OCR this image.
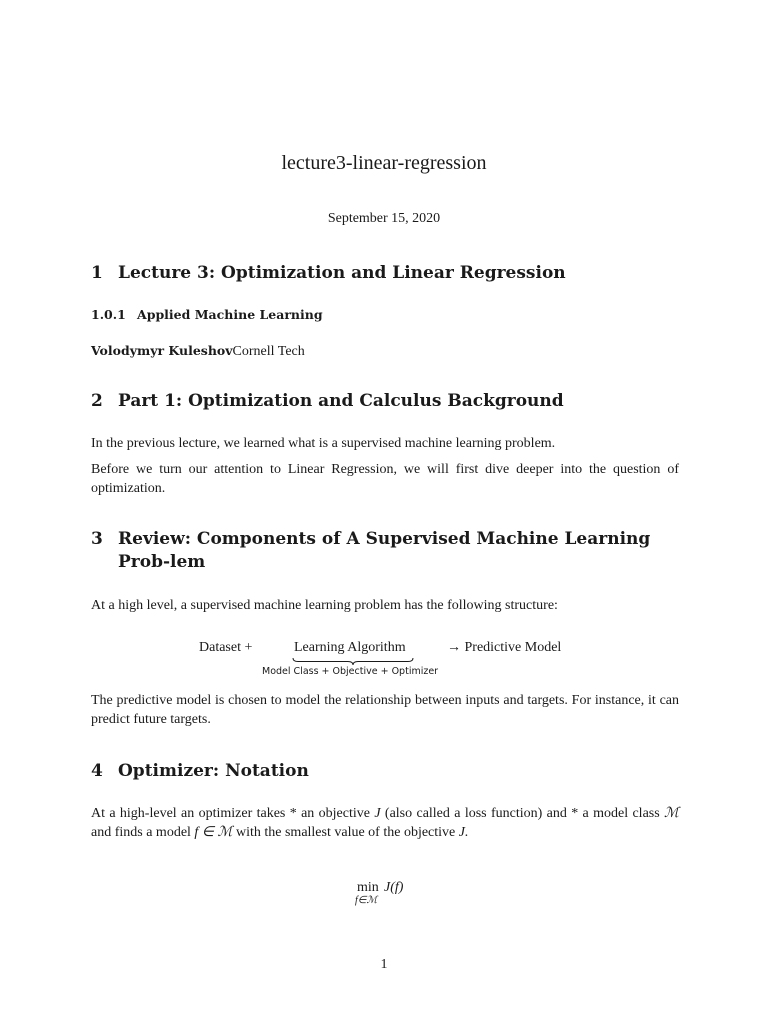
lecture3-linear-regression
September 15, 2020
1 Lecture 3: Optimization and Linear Regression
1.0.1 Applied Machine Learning

Volodymyr KuleshovCornell Tech

2 Part 1: Optimization and Calculus Background

In the previous lecture, we learned what is a supervised machine learning problem.

Before we turn our attention to Linear Regression, we will first dive deeper into the question of optimization.

3 Review: Components of A Supervised Machine Learning Prob-lem

At a high level, a supervised machine learning problem has the following structure:

Dataset +	Learning Algorithm
Model Class + Objective + Optimizer
→ Predictive Model

The predictive model is chosen to model the relationship between inputs and targets. For instance, it can predict future targets.

4 Optimizer: Notation

At a high-level an optimizer takes * an objective J (also called a loss function) and * a model class ℳ and finds a model f ∈ ℳ with the smallest value of the objective J.

min
f∈ℳ
J(f)
1
